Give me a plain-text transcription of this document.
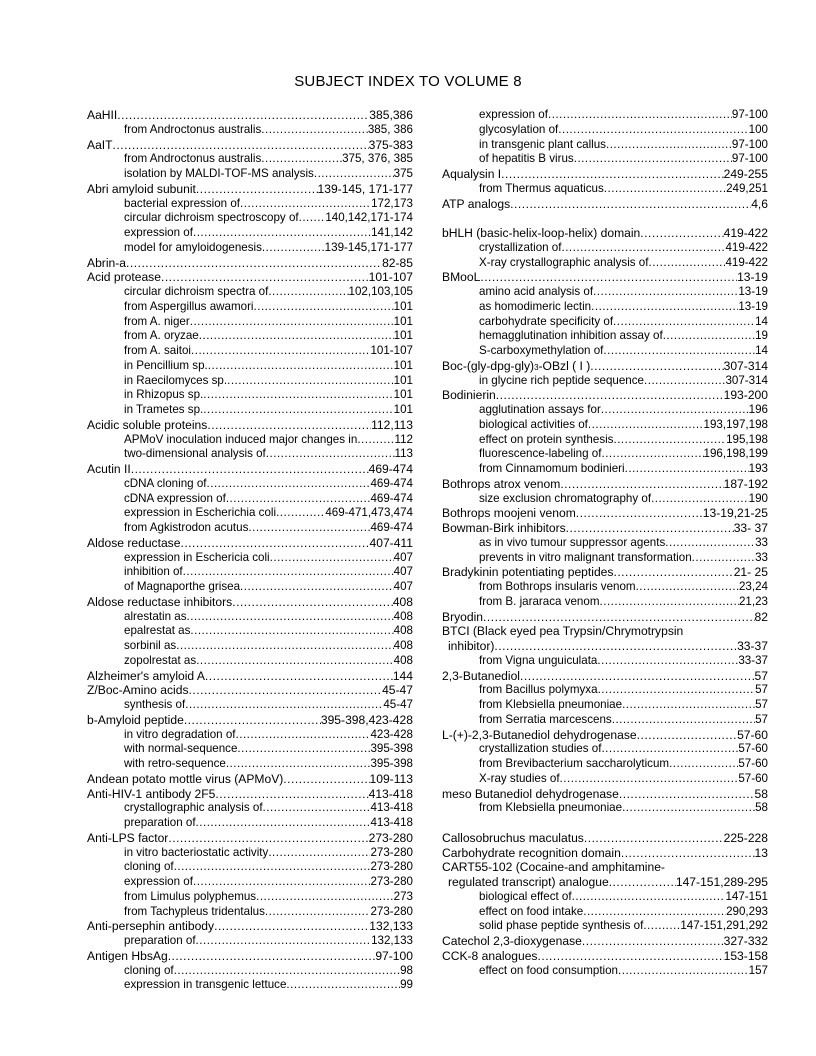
SUBJECT INDEX TO VOLUME 8
AaHII .....	385,386
from Androctonus australis .....	385, 386
AaIT .....	375-383
from Androctonus australis .....	375, 376, 385
isolation by MALDI-TOF-MS analysis .....	375
Abri amyloid subunit .....	139-145, 171-177
bacterial expression of .....	172,173
circular dichroism spectroscopy of ..... 140,142,171-174
expression of .....	141,142
model for amyloidogenesis .....	139-145,171-177
Abrin-a .....	82-85
Acid protease .....	101-107
circular dichroism spectra of .....	102,103,105
from Aspergillus awamori .....	101
from A. niger .....	101
from A. oryzae .....	101
from A. saitoi .....	101-107
in Pencillium sp. .....	101
in Raecilomyces sp. .....	101
in Rhizopus sp. .....	101
in Trametes sp. .....	101
Acidic soluble proteins .....	112,113
APMoV inoculation induced major changes in .....	112
two-dimensional analysis of .....	113
Acutin II .....	469-474
cDNA cloning of .....	469-474
cDNA expression of .....	469-474
expression in Escherichia coli .....	469-471,473,474
from Agkistrodon acutus .....	469-474
Aldose reductase .....	407-411
expression in Eschericia coli .....	407
inhibition of .....	407
of Magnaporthe grisea .....	407
Aldose reductase inhibitors .....	408
alrestatin as .....	408
epalrestat as .....	408
sorbinil as .....	408
zopolrestat as .....	408
Alzheimer's amyloid A .....	144
Z/Boc-Amino acids .....	45-47
synthesis of .....	45-47
b-Amyloid peptide .....	395-398,423-428
in vitro degradation of .....	423-428
with normal-sequence .....	395-398
with retro-sequence .....	395-398
Andean potato mottle virus (APMoV) .....	109-113
Anti-HIV-1 antibody 2F5 .....	413-418
crystallographic analysis of .....	413-418
preparation of .....	413-418
Anti-LPS factor .....	273-280
in vitro bacteriostatic activity .....	273-280
cloning of .....	273-280
expression of .....	273-280
from Limulus polyphemus .....	273
from Tachypleus tridentalus .....	273-280
Anti-persephin antibody .....	132,133
preparation of .....	132,133
Antigen HbsAg .....	97-100
cloning of .....	98
expression in transgenic lettuce .....	99
expression of .....	97-100
glycosylation of .....	100
in transgenic plant callus .....	97-100
of hepatitis B virus .....	97-100
Aqualysin I .....	249-255
from Thermus aquaticus .....	249,251
ATP analogs .....	4,6
bHLH (basic-helix-loop-helix) domain .....	419-422
crystallization of .....	419-422
X-ray crystallographic analysis of .....	419-422
BMooL .....	13-19
amino acid analysis of .....	13-19
as homodimeric lectin .....	13-19
carbohydrate specificity of .....	14
hemagglutination inhibition assay of .....	19
S-carboxymethylation of .....	14
Boc-(gly-dpg-gly) 3 -OBzl ( I ) .....	307-314
in glycine rich peptide sequence .....	307-314
Bodinierin .....	193-200
agglutination assays for .....	196
biological activities of .....	193,197,198
effect on protein synthesis .....	195,198
fluorescence-labeling of .....	196,198,199
from Cinnamomum bodinieri .....	193
Bothrops atrox venom .....	187-192
size exclusion chromatography of .....	190
Bothrops moojeni venom .....	13-19,21-25
Bowman-Birk inhibitors .....	33- 37
as in vivo tumour suppressor agents .....	33
prevents in vitro malignant transformation .....	33
Bradykinin potentiating peptides .....	21- 25
from Bothrops insularis venom .....	23,24
from B. jararaca venom .....	21,23
Bryodin .....	82
BTCI (Black eyed pea Trypsin/Chrymotrypsin
inhibitor) .....	33-37
from Vigna unguiculata .....	33-37
2,3-Butanediol .....	57
from Bacillus polymyxa .....	57
from Klebsiella pneumoniae .....	57
from Serratia marcescens .....	57
L-(+)-2,3-Butanediol dehydrogenase .....	57-60
crystallization studies of .....	57-60
from Brevibacterium saccharolyticum .....	57-60
X-ray studies of .....	57-60
meso Butanediol dehydrogenase .....	58
from Klebsiella pneumoniae .....	58
Callosobruchus maculatus .....	225-228
Carbohydrate recognition domain .....	13
CART55-102 (Cocaine-and amphitamine-
regulated transcript) analogue .....	147-151,289-295
biological effect of .....	147-151
effect on food intake .....	290,293
solid phase peptide synthesis of .....	147-151,291,292
Catechol 2,3-dioxygenase .....	327-332
CCK-8 analogues .....	153-158
effect on food consumption .....	157
